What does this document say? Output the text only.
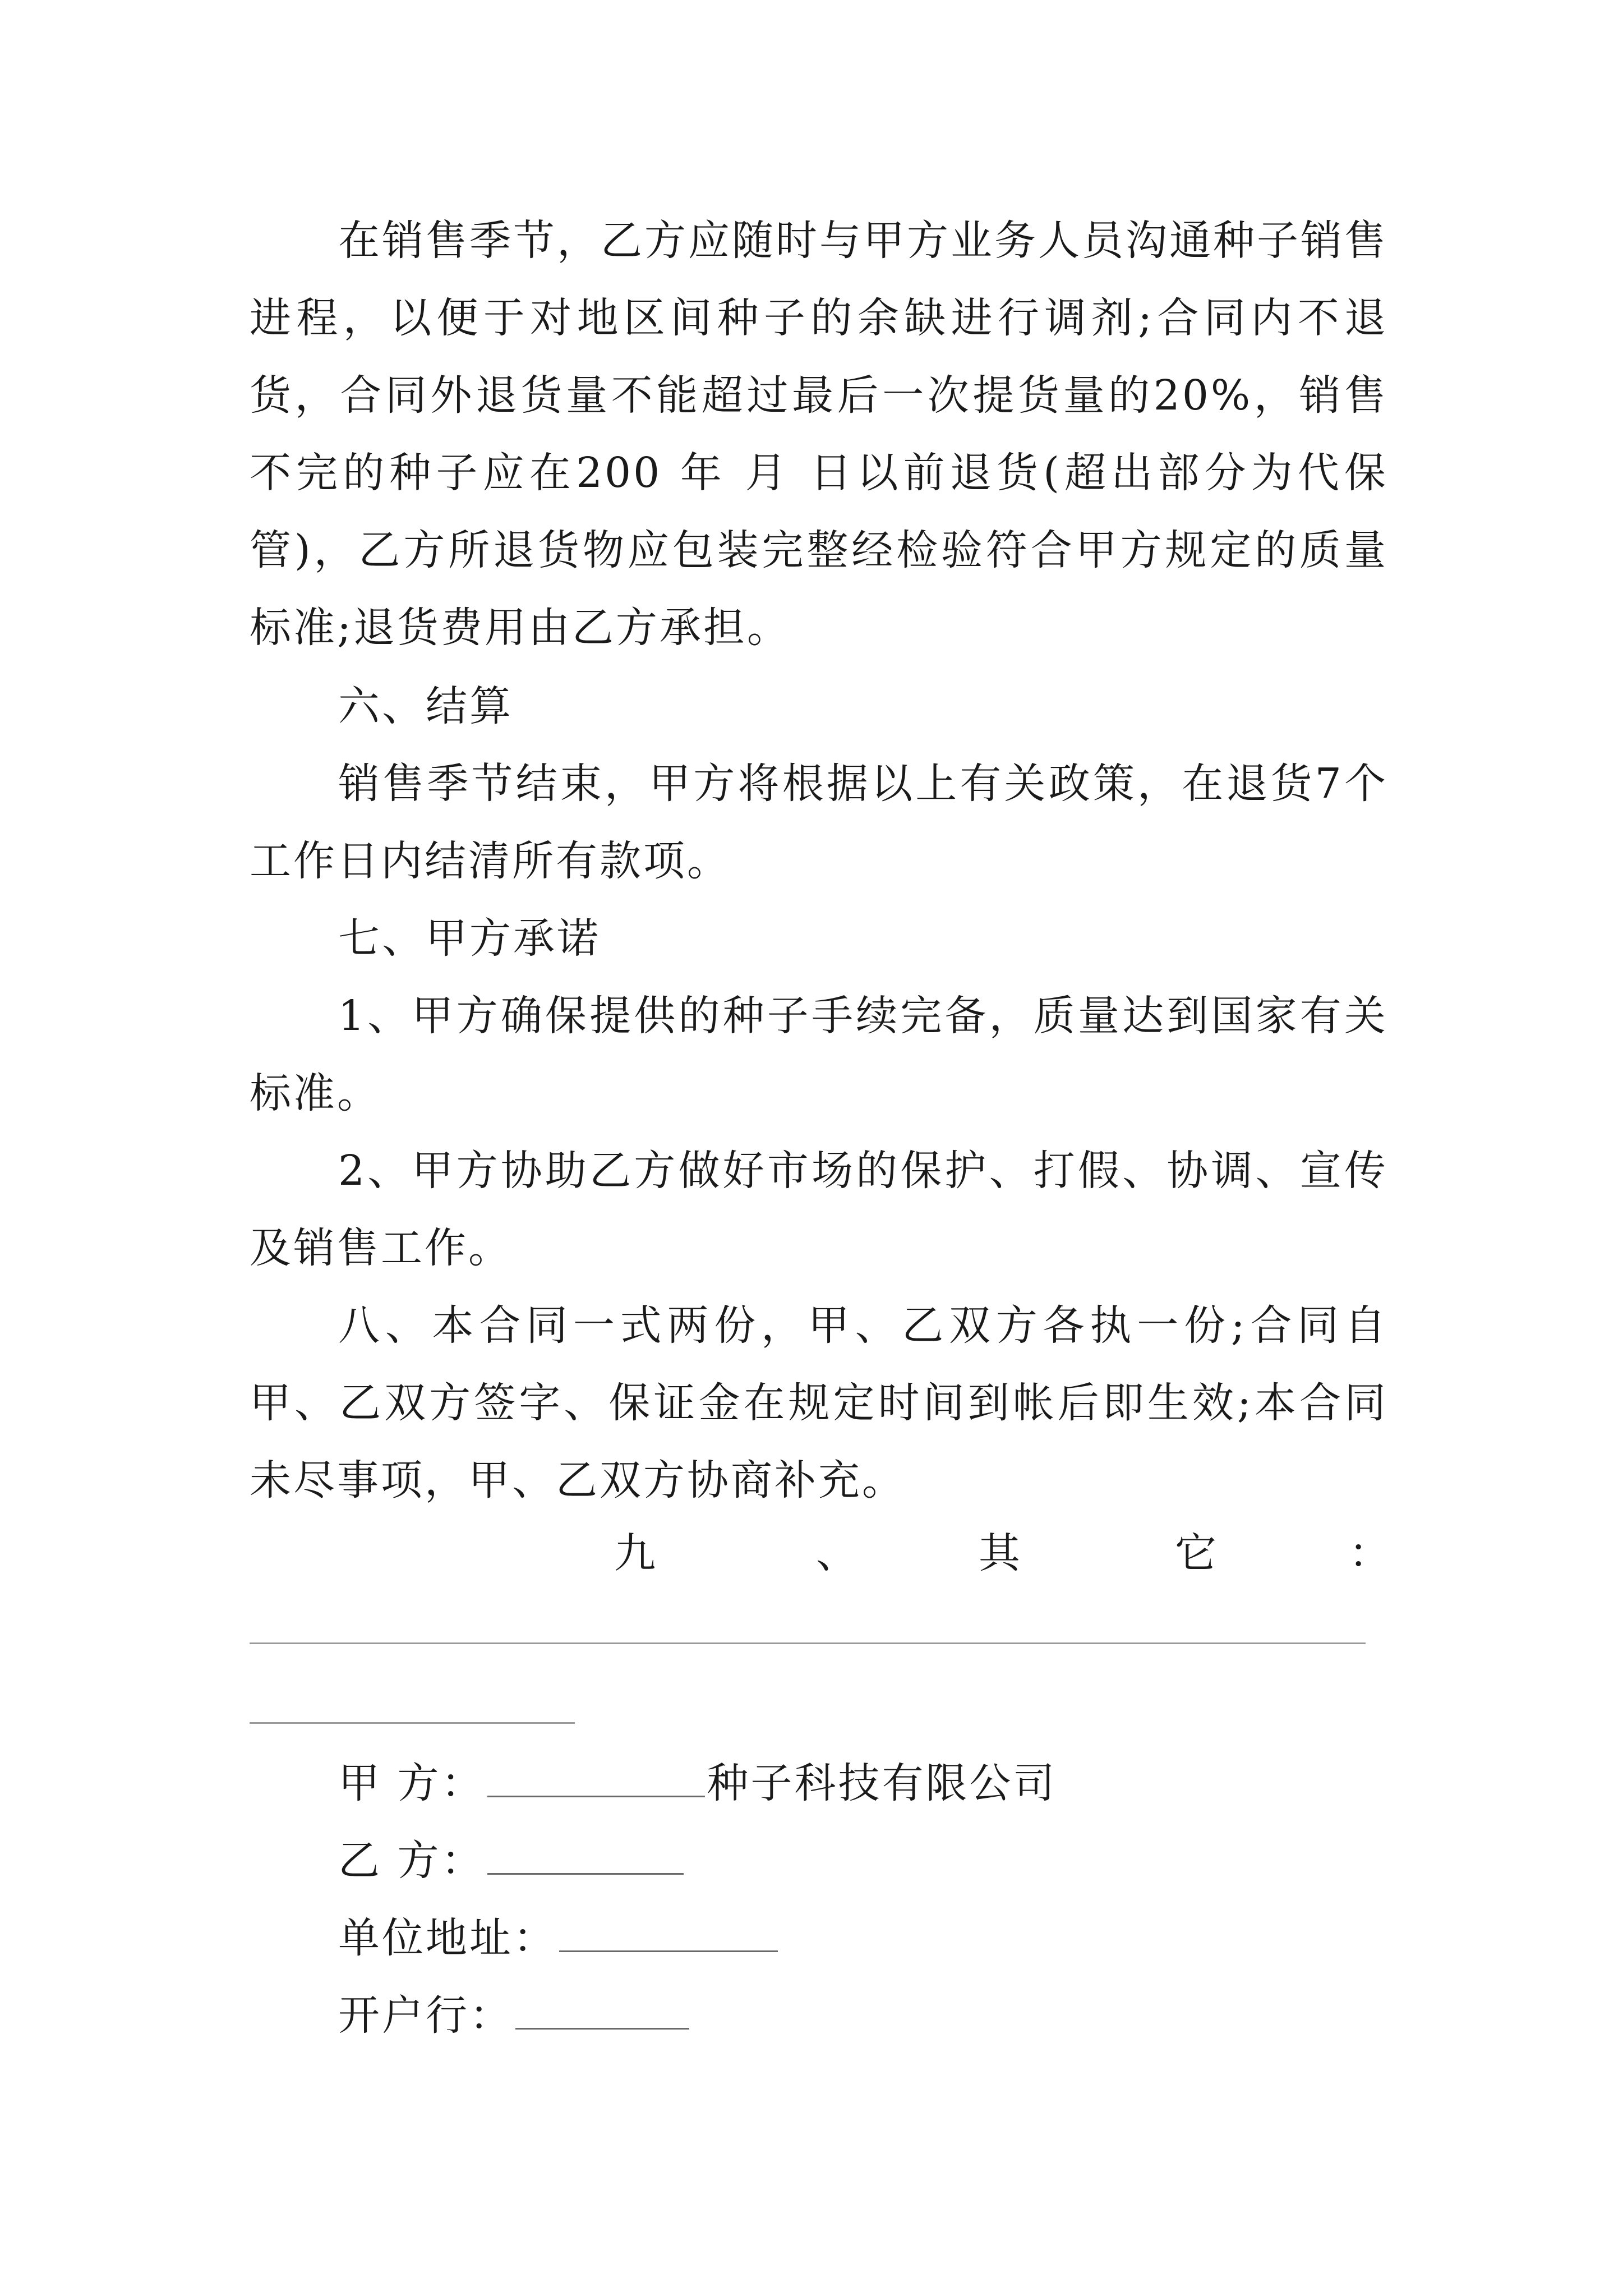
在销售季节，乙方应随时与甲方业务人员沟通种子销售进程，以便于对地区间种子的余缺进行调剂;合同内不退货，合同外退货量不能超过最后一次提货量的20%，销售不完的种子应在200 年 月 日以前退货(超出部分为代保管)，乙方所退货物应包装完整经检验符合甲方规定的质量标准;退货费用由乙方承担。

六、结算

销售季节结束，甲方将根据以上有关政策，在退货7个工作日内结清所有款项。

七、甲方承诺

1、甲方确保提供的种子手续完备，质量达到国家有关标准。

2、甲方协助乙方做好市场的保护、打假、协调、宣传及销售工作。

八、本合同一式两份，甲、乙双方各执一份;合同自甲、乙双方签字、保证金在规定时间到帐后即生效;本合同未尽事项，甲、乙双方协商补充。

九	、	其	它	：
甲 方：	种子科技有限公司
乙 方：
单位地址：
开户行：
